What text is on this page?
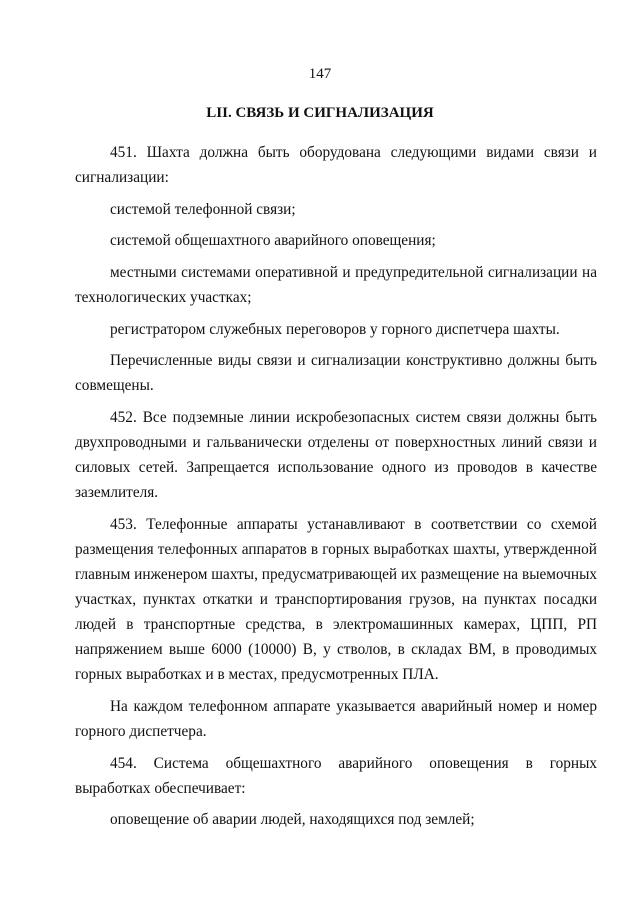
147
LII. СВЯЗЬ И СИГНАЛИЗАЦИЯ

451. Шахта должна быть оборудована следующими видами связи и сигнализации:

системой телефонной связи;

системой общешахтного аварийного оповещения;

местными системами оперативной и предупредительной сигнализации на технологических участках;

регистратором служебных переговоров у горного диспетчера шахты.

Перечисленные виды связи и сигнализации конструктивно должны быть совмещены.

452. Все подземные линии искробезопасных систем связи должны быть двухпроводными и гальванически отделены от поверхностных линий связи и силовых сетей. Запрещается использование одного из проводов в качестве заземлителя.

453. Телефонные аппараты устанавливают в соответствии со схемой размещения телефонных аппаратов в горных выработках шахты, утвержденной главным инженером шахты, предусматривающей их размещение на выемочных участках, пунктах откатки и транспортирования грузов, на пунктах посадки людей в транспортные средства, в электромашинных камерах, ЦПП, РП напряжением выше 6000 (10000) В, у стволов, в складах ВМ, в проводимых горных выработках и в местах, предусмотренных ПЛА.

На каждом телефонном аппарате указывается аварийный номер и номер горного диспетчера.

454. Система общешахтного аварийного оповещения в горных выработках обеспечивает:

оповещение об аварии людей, находящихся под землей;
